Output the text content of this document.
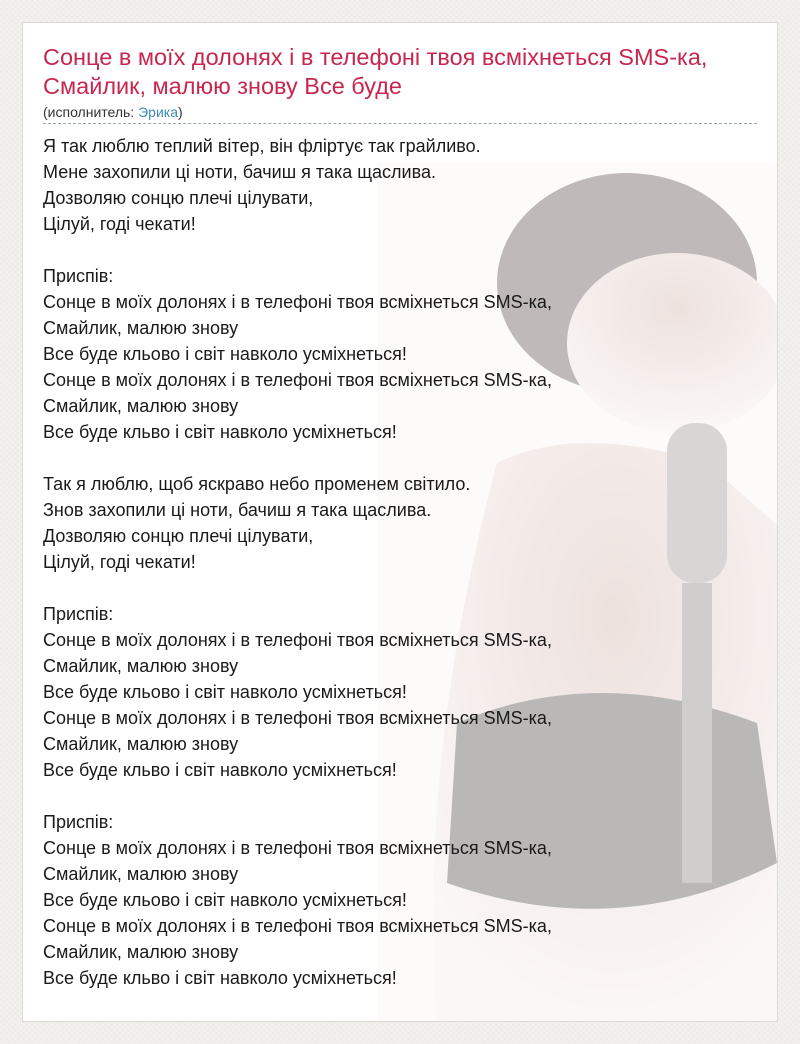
Сонце в моїх долонях і в телефоні твоя всміхнеться SMS-ка, Смайлик, малюю знову Все буде
(исполнитель: Эрика)
Я так люблю теплий вітер, він фліртує так грайливо.
Мене захопили ці ноти, бачиш я така щаслива.
Дозволяю сонцю плечі цілувати,
Цілуй, годі чекати!
Приспів:
Сонце в моїх долонях і в телефоні твоя всміхнеться SMS-ка,
Смайлик, малюю знову
Все буде кльово і світ навколо усміхнеться!
Сонце в моїх долонях і в телефоні твоя всміхнеться SMS-ка,
Смайлик, малюю знову
Все буде кльво і світ навколо усміхнеться!
Так я люблю, щоб яскраво небо променем світило.
Знов захопили ці ноти, бачиш я така щаслива.
Дозволяю сонцю плечі цілувати,
Цілуй, годі чекати!
Приспів:
Сонце в моїх долонях і в телефоні твоя всміхнеться SMS-ка,
Смайлик, малюю знову
Все буде кльово і світ навколо усміхнеться!
Сонце в моїх долонях і в телефоні твоя всміхнеться SMS-ка,
Смайлик, малюю знову
Все буде кльво і світ навколо усміхнеться!
Приспів:
Сонце в моїх долонях і в телефоні твоя всміхнеться SMS-ка,
Смайлик, малюю знову
Все буде кльово і світ навколо усміхнеться!
Сонце в моїх долонях і в телефоні твоя всміхнеться SMS-ка,
Смайлик, малюю знову
Все буде кльво і світ навколо усміхнеться!
